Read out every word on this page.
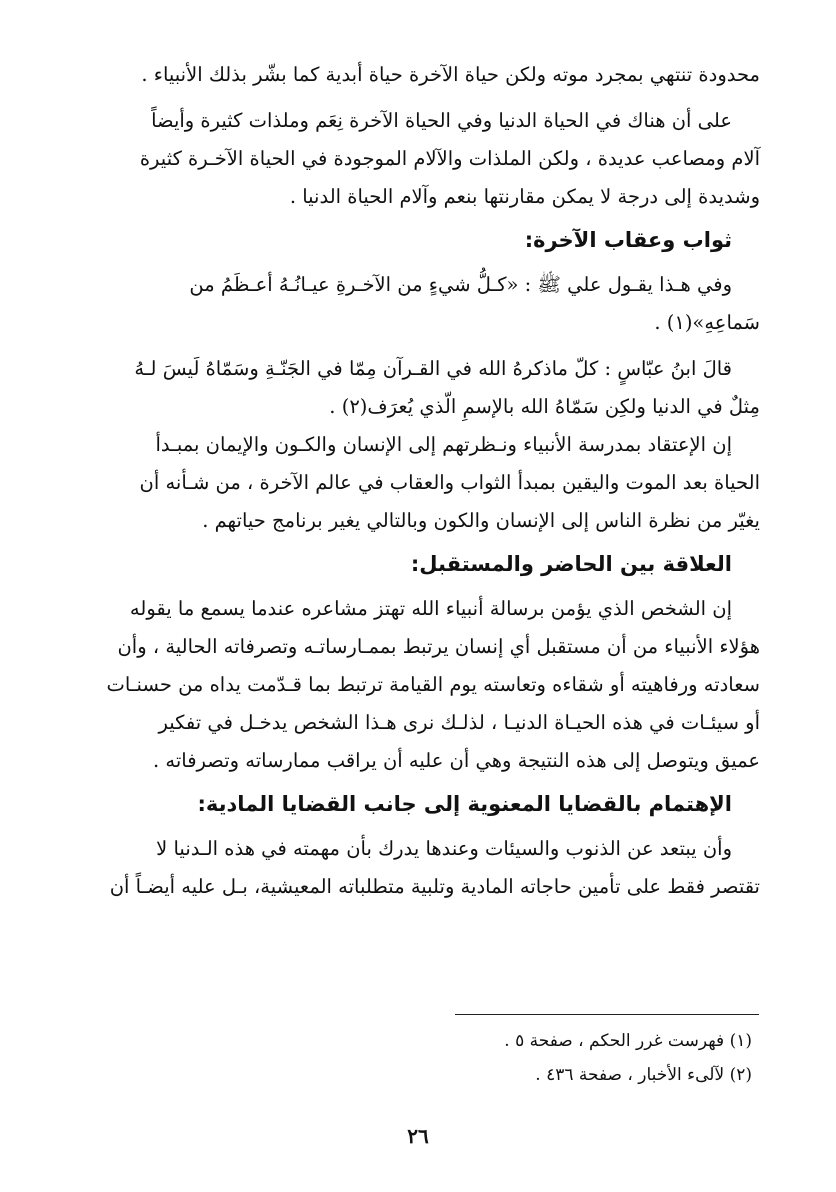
محدودة تنتهي بمجرد موته ولكن حياة الآخرة حياة أبدية كما بشّر بذلك الأنبياء .
على أن هناك في الحياة الدنيا وفي الحياة الآخرة نِعَم وملذات كثيرة وأيضاً
آلام ومصاعب عديدة ، ولكن الملذات والآلام الموجودة في الحياة الآخـرة كثيرة
وشديدة إلى درجة لا يمكن مقارنتها بنعم وآلام الحياة الدنيا .
ثواب وعقاب الآخرة:
وفي هـذا يقـول علي ﷺ : «كـلُّ شيءٍ من الآخـرةِ عيـانُـهُ أعـظَمُ من
سَماعِهِ»(١) .
قالَ ابنُ عبّاسٍ : كلّ ماذكرهُ الله في القـرآن مِمّا في الجَنّـةِ وسَمّاهُ لَيسَ لـهُ
مِثلٌ في الدنيا ولكِن سَمّاهُ الله بالإسمِ الّذي يُعرَف(٢) .
إن الإعتقاد بمدرسة الأنبياء ونـظرتهم إلى الإنسان والكـون والإيمان بمبـدأ
الحياة بعد الموت واليقين بمبدأ الثواب والعقاب في عالم الآخرة ، من شـأنه أن
يغيّر من نظرة الناس إلى الإنسان والكون وبالتالي يغير برنامج حياتهم .
العلاقة بين الحاضر والمستقبل:
إن الشخص الذي يؤمن برسالة أنبياء الله تهتز مشاعره عندما يسمع ما يقوله
هؤلاء الأنبياء من أن مستقبل أي إنسان يرتبط بممـارساتـه وتصرفاته الحالية ، وأن
سعادته ورفاهيته أو شقاءه وتعاسته يوم القيامة ترتبط بما قـدّمت يداه من حسنـات
أو سيئـات في هذه الحيـاة الدنيـا ، لذلـك نرى هـذا الشخص يدخـل في تفكير
عميق ويتوصل إلى هذه النتيجة وهي أن عليه أن يراقب ممارساته وتصرفاته .
الإهتمام بالقضايا المعنوية إلى جانب القضايا المادية:
وأن يبتعد عن الذنوب والسيئات وعندها يدرك بأن مهمته في هذه الـدنيا لا
تقتصر فقط على تأمين حاجاته المادية وتلبية متطلباته المعيشية، بـل عليه أيضـاً أن
(١) فهرست غرر الحكم ، صفحة ٥ .
(٢) لآلىء الأخبار ، صفحة ٤٣٦ .
٢٦
